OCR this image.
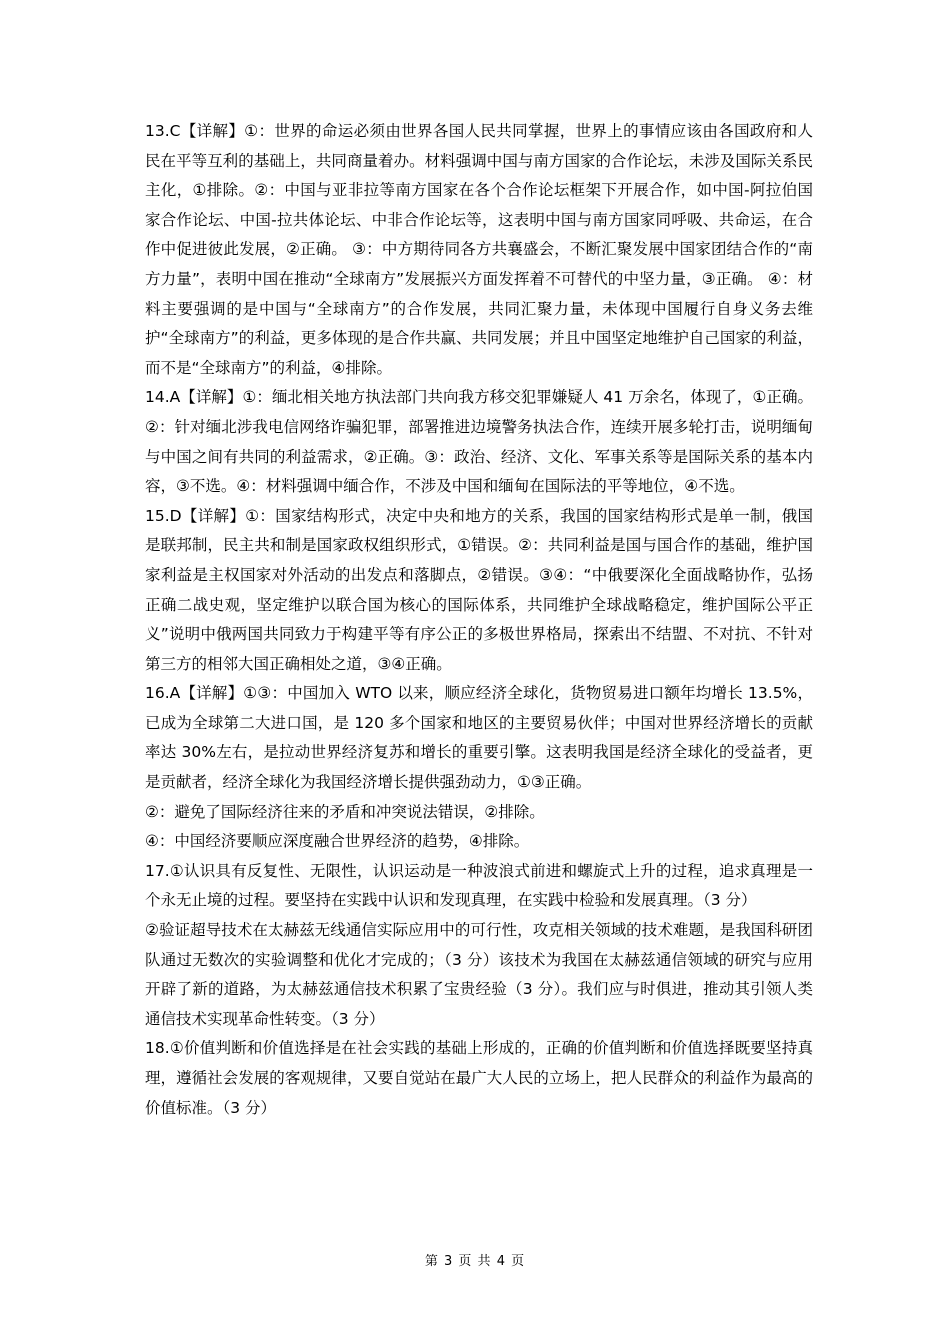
13.C【详解】①：世界的命运必须由世界各国人民共同掌握，世界上的事情应该由各国政府和人民在平等互利的基础上，共同商量着办。材料强调中国与南方国家的合作论坛，未涉及国际关系民主化，①排除。②：中国与亚非拉等南方国家在各个合作论坛框架下开展合作，如中国-阿拉伯国家合作论坛、中国-拉共体论坛、中非合作论坛等，这表明中国与南方国家同呼吸、共命运，在合作中促进彼此发展，②正确。 ③：中方期待同各方共襄盛会，不断汇聚发展中国家团结合作的“南方力量”，表明中国在推动“全球南方”发展振兴方面发挥着不可替代的中坚力量，③正确。 ④：材料主要强调的是中国与“全球南方”的合作发展，共同汇聚力量，未体现中国履行自身义务去维护“全球南方”的利益，更多体现的是合作共赢、共同发展；并且中国坚定地维护自己国家的利益，而不是“全球南方”的利益，④排除。

14.A【详解】①：缅北相关地方执法部门共向我方移交犯罪嫌疑人 41 万余名，体现了，①正确。②：针对缅北涉我电信网络诈骗犯罪，部署推进边境警务执法合作，连续开展多轮打击，说明缅甸与中国之间有共同的利益需求，②正确。③：政治、经济、文化、军事关系等是国际关系的基本内容，③不选。④：材料强调中缅合作，不涉及中国和缅甸在国际法的平等地位，④不选。

15.D【详解】①：国家结构形式，决定中央和地方的关系，我国的国家结构形式是单一制，俄国是联邦制，民主共和制是国家政权组织形式，①错误。②：共同利益是国与国合作的基础，维护国家利益是主权国家对外活动的出发点和落脚点，②错误。③④：“中俄要深化全面战略协作，弘扬正确二战史观，坚定维护以联合国为核心的国际体系，共同维护全球战略稳定，维护国际公平正义”说明中俄两国共同致力于构建平等有序公正的多极世界格局，探索出不结盟、不对抗、不针对第三方的相邻大国正确相处之道，③④正确。

16.A【详解】①③：中国加入 WTO 以来，顺应经济全球化，货物贸易进口额年均增长 13.5%，已成为全球第二大进口国，是 120 多个国家和地区的主要贸易伙伴；中国对世界经济增长的贡献率达 30%左右，是拉动世界经济复苏和增长的重要引擎。这表明我国是经济全球化的受益者，更是贡献者，经济全球化为我国经济增长提供强劲动力，①③正确。

②：避免了国际经济往来的矛盾和冲突说法错误，②排除。

④：中国经济要顺应深度融合世界经济的趋势，④排除。

17.①认识具有反复性、无限性，认识运动是一种波浪式前进和螺旋式上升的过程，追求真理是一个永无止境的过程。要坚持在实践中认识和发现真理，在实践中检验和发展真理。（3 分）

②验证超导技术在太赫兹无线通信实际应用中的可行性，攻克相关领域的技术难题，是我国科研团队通过无数次的实验调整和优化才完成的；（3 分）该技术为我国在太赫兹通信领域的研究与应用开辟了新的道路，为太赫兹通信技术积累了宝贵经验（3 分）。我们应与时俱进，推动其引领人类通信技术实现革命性转变。（3 分）

18.①价值判断和价值选择是在社会实践的基础上形成的，正确的价值判断和价值选择既要坚持真理，遵循社会发展的客观规律，又要自觉站在最广大人民的立场上，把人民群众的利益作为最高的价值标准。（3 分）

第 3 页 共 4 页
